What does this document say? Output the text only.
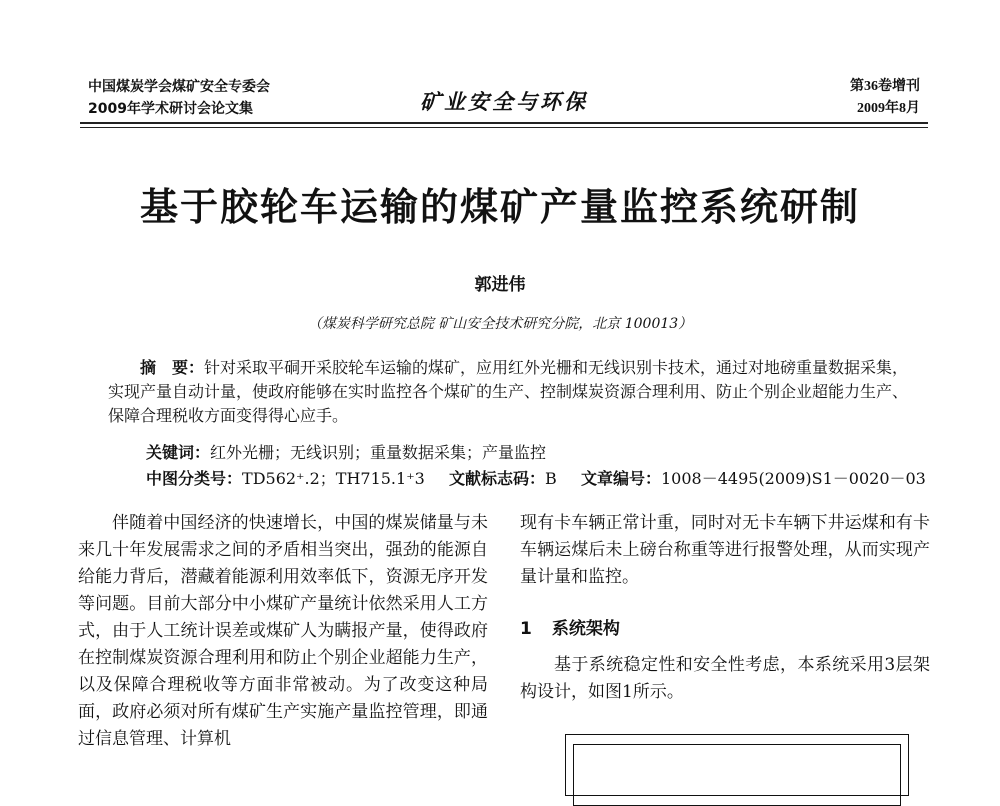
中国煤炭学会煤矿安全专委会
2009年学术研讨会论文集	矿业安全与环保
第36卷增刊
2009年8月
基于胶轮车运输的煤矿产量监控系统研制
郭进伟
（煤炭科学研究总院 矿山安全技术研究分院，北京 100013）

摘　要：针对采取平硐开采胶轮车运输的煤矿，应用红外光栅和无线识别卡技术，通过对地磅重量数据采集，实现产量自动计量，使政府能够在实时监控各个煤矿的生产、控制煤炭资源合理利用、防止个别企业超能力生产、保障合理税收方面变得得心应手。

关键词：红外光栅；无线识别；重量数据采集；产量监控
中图分类号：TD562⁺.2；TH715.1⁺3 文献标志码：B 文章编号：1008－4495(2009)S1－0020－03

伴随着中国经济的快速增长，中国的煤炭储量与未来几十年发展需求之间的矛盾相当突出，强劲的能源自给能力背后，潜藏着能源利用效率低下，资源无序开发等问题。目前大部分中小煤矿产量统计依然采用人工方式，由于人工统计误差或煤矿人为瞒报产量，使得政府在控制煤炭资源合理利用和防止个别企业超能力生产，以及保障合理税收等方面非常被动。为了改变这种局面，政府必须对所有煤矿生产实施产量监控管理，即通过信息管理、计算机

现有卡车辆正常计重，同时对无卡车辆下井运煤和有卡车辆运煤后未上磅台称重等进行报警处理，从而实现产量计量和监控。

1 系统架构

基于系统稳定性和安全性考虑，本系统采用3层架构设计，如图1所示。
